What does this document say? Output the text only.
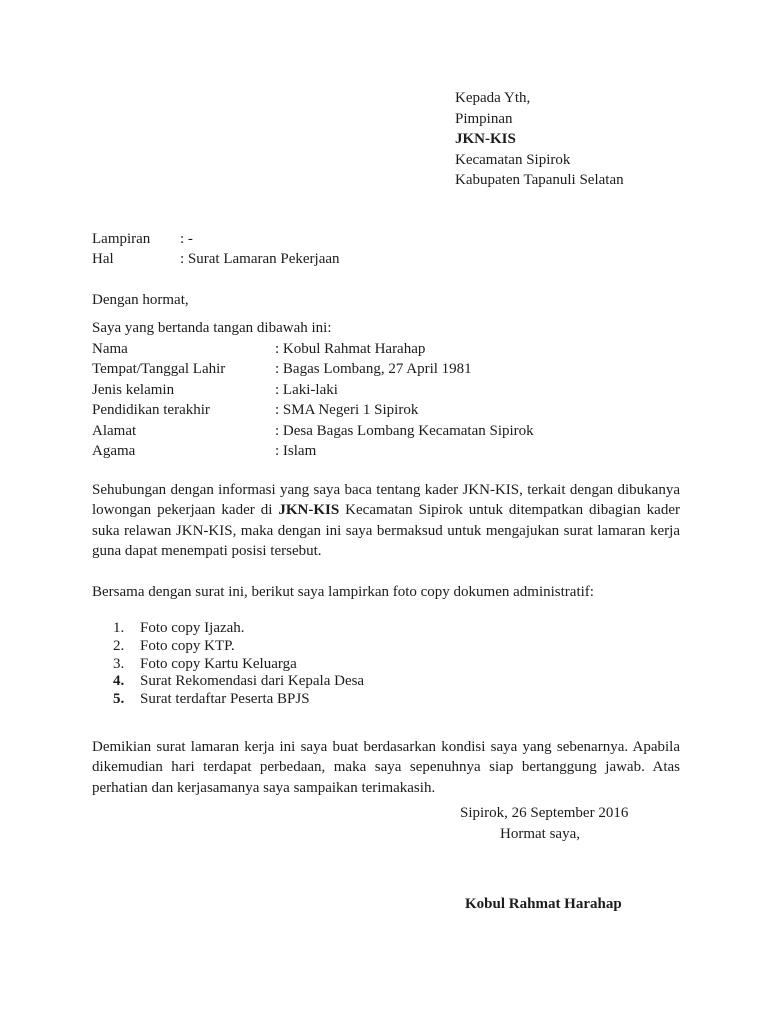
Kepada Yth,
Pimpinan
JKN-KIS
Kecamatan Sipirok
Kabupaten Tapanuli Selatan
Lampiran : -
Hal	: Surat Lamaran Pekerjaan
Dengan hormat,
Saya yang bertanda tangan dibawah ini:
Nama	: Kobul Rahmat Harahap
Tempat/Tanggal Lahir	: Bagas Lombang, 27 April 1981
Jenis kelamin	: Laki-laki
Pendidikan terakhir	: SMA Negeri 1 Sipirok
Alamat	: Desa Bagas Lombang Kecamatan Sipirok
Agama	: Islam

Sehubungan dengan informasi yang saya baca tentang kader JKN-KIS, terkait dengan dibukanya lowongan pekerjaan kader di JKN-KIS Kecamatan Sipirok untuk ditempatkan dibagian kader suka relawan JKN-KIS, maka dengan ini saya bermaksud untuk mengajukan surat lamaran kerja guna dapat menempati posisi tersebut.

Bersama dengan surat ini, berikut saya lampirkan foto copy dokumen administratif:

1. Foto copy Ijazah.
2. Foto copy KTP.
3. Foto copy Kartu Keluarga
4. Surat Rekomendasi dari Kepala Desa
5. Surat terdaftar Peserta BPJS

Demikian surat lamaran kerja ini saya buat berdasarkan kondisi saya yang sebenarnya. Apabila dikemudian hari terdapat perbedaan, maka saya sepenuhnya siap bertanggung jawab. Atas perhatian dan kerjasamanya saya sampaikan terimakasih.

Sipirok, 26 September 2016
Hormat saya,
Kobul Rahmat Harahap
